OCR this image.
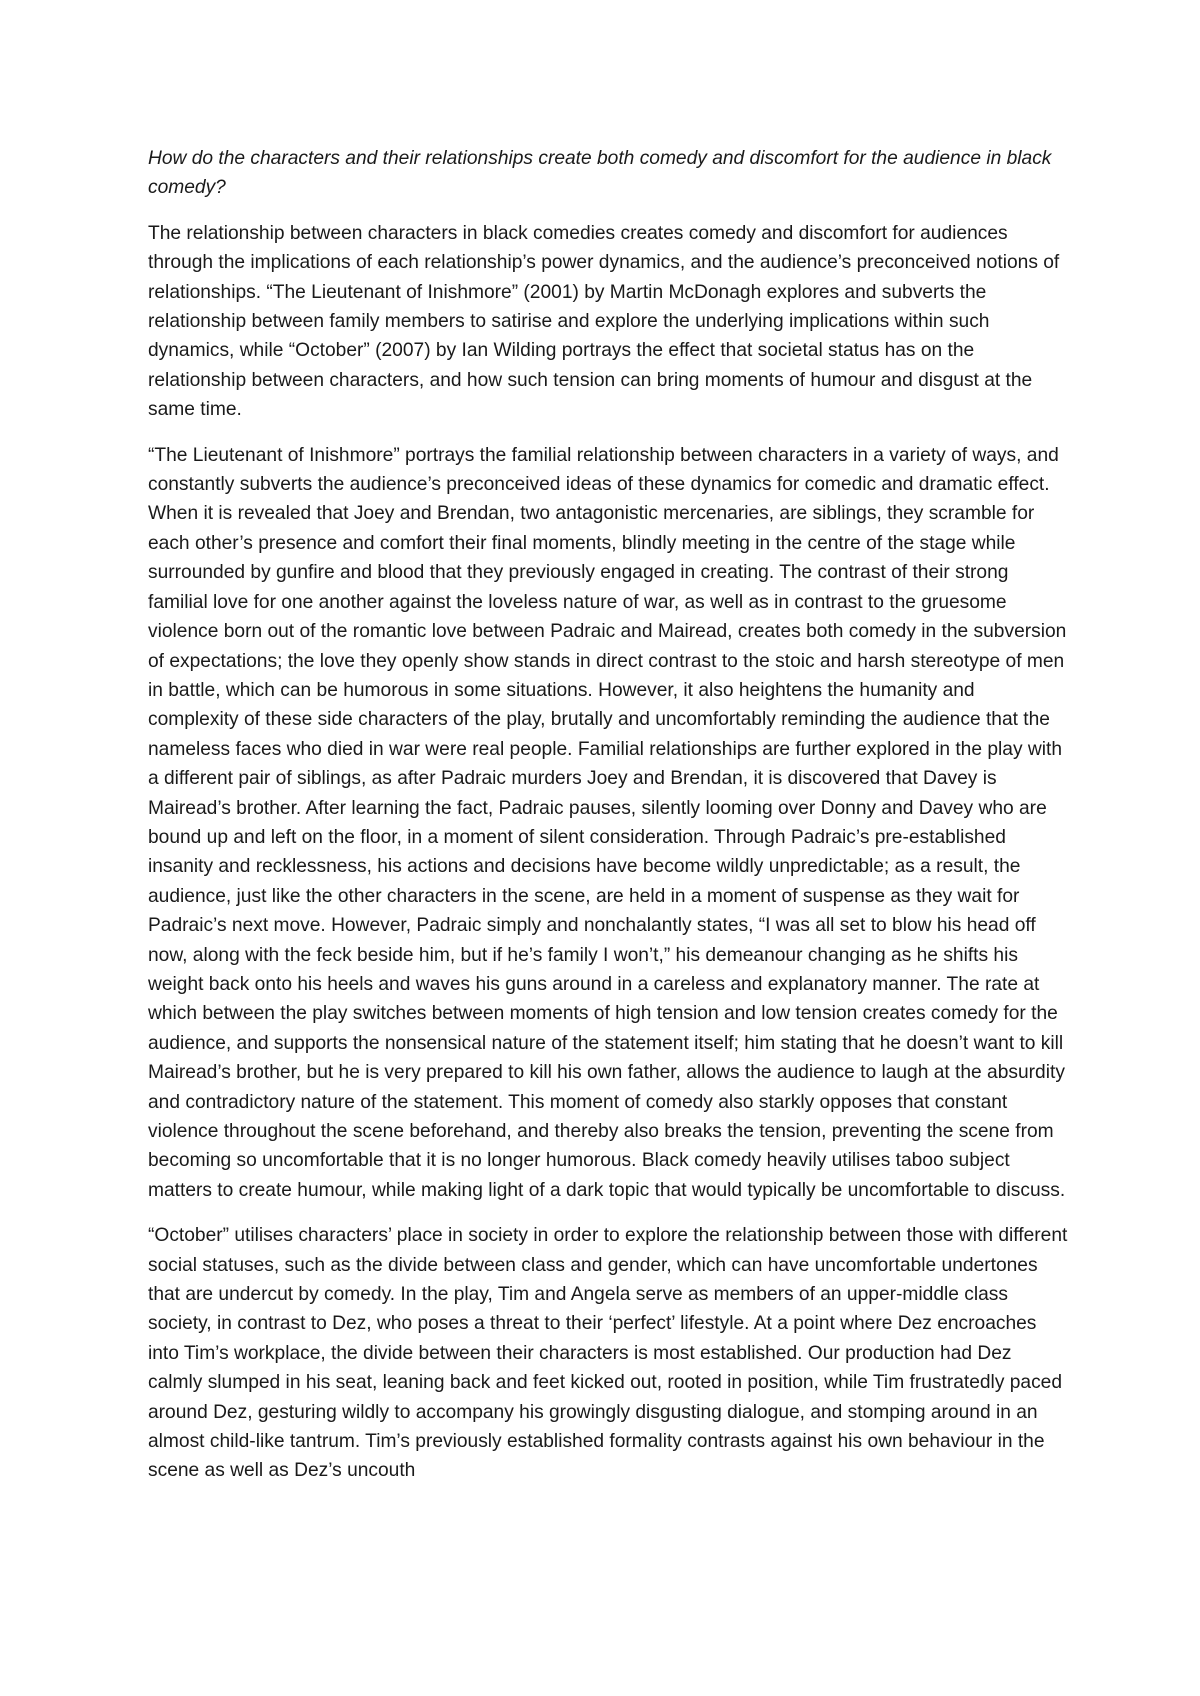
How do the characters and their relationships create both comedy and discomfort for the audience in black comedy?

The relationship between characters in black comedies creates comedy and discomfort for audiences through the implications of each relationship’s power dynamics, and the audience’s preconceived notions of relationships. “The Lieutenant of Inishmore” (2001) by Martin McDonagh explores and subverts the relationship between family members to satirise and explore the underlying implications within such dynamics, while “October” (2007) by Ian Wilding portrays the effect that societal status has on the relationship between characters, and how such tension can bring moments of humour and disgust at the same time.

“The Lieutenant of Inishmore” portrays the familial relationship between characters in a variety of ways, and constantly subverts the audience’s preconceived ideas of these dynamics for comedic and dramatic effect. When it is revealed that Joey and Brendan, two antagonistic mercenaries, are siblings, they scramble for each other’s presence and comfort their final moments, blindly meeting in the centre of the stage while surrounded by gunfire and blood that they previously engaged in creating. The contrast of their strong familial love for one another against the loveless nature of war, as well as in contrast to the gruesome violence born out of the romantic love between Padraic and Mairead, creates both comedy in the subversion of expectations; the love they openly show stands in direct contrast to the stoic and harsh stereotype of men in battle, which can be humorous in some situations. However, it also heightens the humanity and complexity of these side characters of the play, brutally and uncomfortably reminding the audience that the nameless faces who died in war were real people. Familial relationships are further explored in the play with a different pair of siblings, as after Padraic murders Joey and Brendan, it is discovered that Davey is Mairead’s brother. After learning the fact, Padraic pauses, silently looming over Donny and Davey who are bound up and left on the floor, in a moment of silent consideration. Through Padraic’s pre-established insanity and recklessness, his actions and decisions have become wildly unpredictable; as a result, the audience, just like the other characters in the scene, are held in a moment of suspense as they wait for Padraic’s next move. However, Padraic simply and nonchalantly states, “I was all set to blow his head off now, along with the feck beside him, but if he’s family I won’t,” his demeanour changing as he shifts his weight back onto his heels and waves his guns around in a careless and explanatory manner. The rate at which between the play switches between moments of high tension and low tension creates comedy for the audience, and supports the nonsensical nature of the statement itself; him stating that he doesn’t want to kill Mairead’s brother, but he is very prepared to kill his own father, allows the audience to laugh at the absurdity and contradictory nature of the statement. This moment of comedy also starkly opposes that constant violence throughout the scene beforehand, and thereby also breaks the tension, preventing the scene from becoming so uncomfortable that it is no longer humorous. Black comedy heavily utilises taboo subject matters to create humour, while making light of a dark topic that would typically be uncomfortable to discuss.

“October” utilises characters’ place in society in order to explore the relationship between those with different social statuses, such as the divide between class and gender, which can have uncomfortable undertones that are undercut by comedy. In the play, Tim and Angela serve as members of an upper-middle class society, in contrast to Dez, who poses a threat to their ‘perfect’ lifestyle. At a point where Dez encroaches into Tim’s workplace, the divide between their characters is most established. Our production had Dez calmly slumped in his seat, leaning back and feet kicked out, rooted in position, while Tim frustratedly paced around Dez, gesturing wildly to accompany his growingly disgusting dialogue, and stomping around in an almost child-like tantrum. Tim’s previously established formality contrasts against his own behaviour in the scene as well as Dez’s uncouth
